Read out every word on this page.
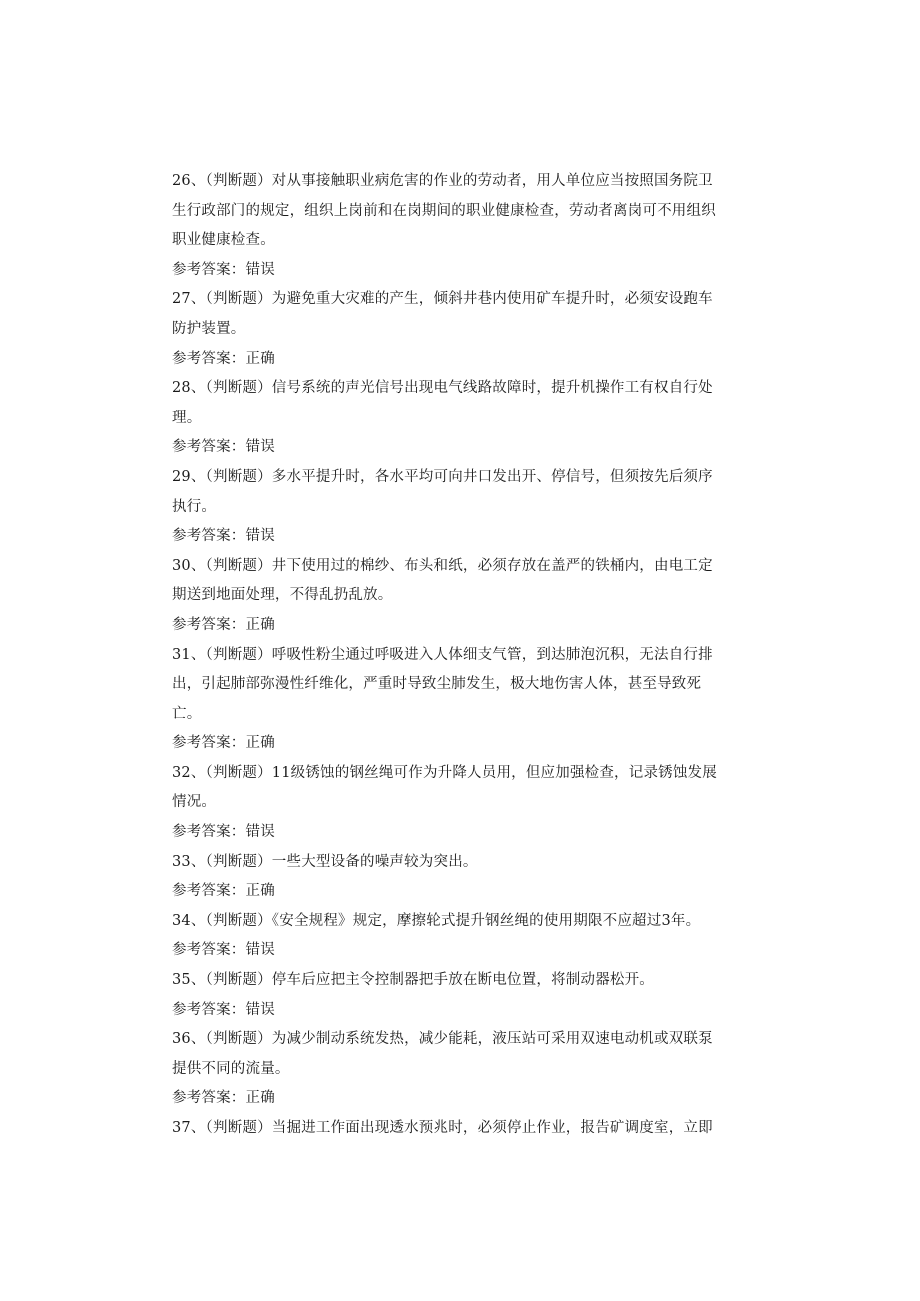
26、（判断题）对从事接触职业病危害的作业的劳动者，用人单位应当按照国务院卫
生行政部门的规定，组织上岗前和在岗期间的职业健康检查，劳动者离岗可不用组织
职业健康检查。
参考答案：错误
27、（判断题）为避免重大灾难的产生，倾斜井巷内使用矿车提升时，必须安设跑车
防护装置。
参考答案：正确
28、（判断题）信号系统的声光信号出现电气线路故障时，提升机操作工有权自行处
理。
参考答案：错误
29、（判断题）多水平提升时，各水平均可向井口发出开、停信号，但须按先后须序
执行。
参考答案：错误
30、（判断题）井下使用过的棉纱、布头和纸，必须存放在盖严的铁桶内，由电工定
期送到地面处理，不得乱扔乱放。
参考答案：正确
31、（判断题）呼吸性粉尘通过呼吸进入人体细支气管，到达肺泡沉积，无法自行排
出，引起肺部弥漫性纤维化，严重时导致尘肺发生，极大地伤害人体，甚至导致死
亡。
参考答案：正确
32、（判断题）11级锈蚀的钢丝绳可作为升降人员用，但应加强检查，记录锈蚀发展
情况。
参考答案：错误
33、（判断题）一些大型设备的噪声较为突出。
参考答案：正确
34、（判断题）《安全规程》规定，摩擦轮式提升钢丝绳的使用期限不应超过3年。
参考答案：错误
35、（判断题）停车后应把主令控制器把手放在断电位置，将制动器松开。
参考答案：错误
36、（判断题）为减少制动系统发热，减少能耗，液压站可采用双速电动机或双联泵
提供不同的流量。
参考答案：正确
37、（判断题）当掘进工作面出现透水预兆时，必须停止作业，报告矿调度室，立即
